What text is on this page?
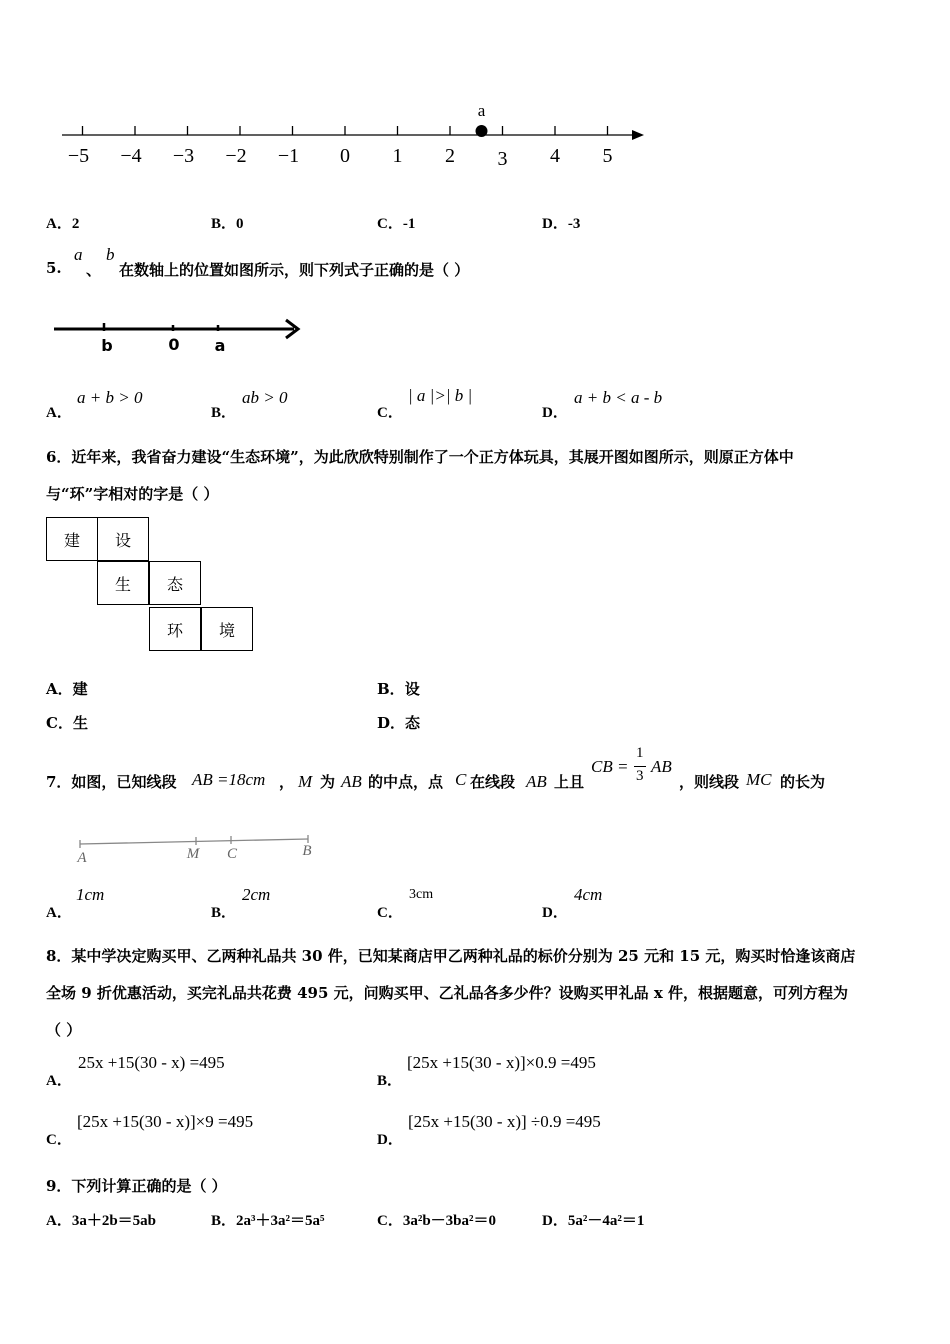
−5 −4 −3 −2 −1 0 1 2 3 4 5
a
A．2	B．0	C．-1	D．-3
5.
a
、
b
在数轴上的位置如图所示，则下列式子正确的是（ ）
b	0 a
A．
a + b > 0
B．
ab > 0
C．
| a |>| b |
D．
a + b < a - b
6．近年来，我省奋力建设“生态环境”，为此欣欣特别制作了一个正方体玩具，其展开图如图所示，则原正方体中
与“环”字相对的字是（ ）
建	设
生	态
环	境
A．建	B．设
C．生	D．态
7．如图，已知线段 AB =18cm ， M 为 AB 的中点，点 C 在线段 AB 上且
CB =
1
3 AB
，则线段 MC 的长为
A	M C	B
A．
1cm
B．
2cm
C．
3cm
D．
4cm
8．某中学决定购买甲、乙两种礼品共 30 件，已知某商店甲乙两种礼品的标价分别为 25 元和 15 元，购买时恰逢该商店
全场 9 折优惠活动，买完礼品共花费 495 元，问购买甲、乙礼品各多少件？设购买甲礼品 x 件，根据题意，可列方程为
（ ）
A．
25x +15(30 - x) =495
B．
[25x +15(30 - x)]×0.9 =495
C．
[25x +15(30 - x)]×9 =495
D．
[25x +15(30 - x)] ÷0.9 =495
9．下列计算正确的是（ ）
A．3a＋2b＝5ab	B．2a³＋3a²＝5a⁵	C．3a²b－3ba²＝0	D．5a²－4a²＝1
